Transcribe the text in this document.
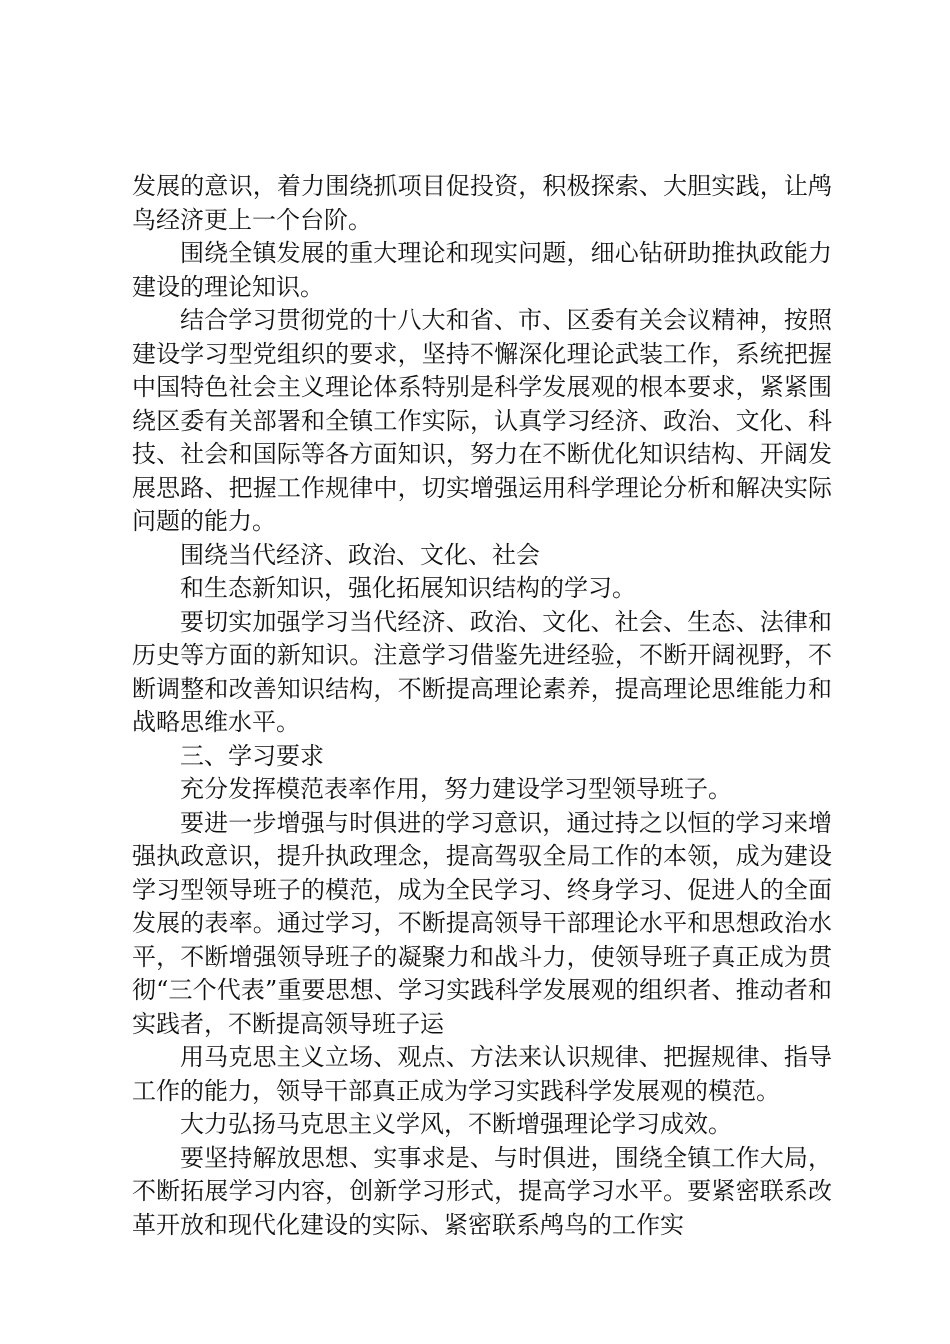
发展的意识，着力围绕抓项目促投资，积极探索、大胆实践，让鸬鸟经济更上一个台阶。

围绕全镇发展的重大理论和现实问题，细心钻研助推执政能力建设的理论知识。

结合学习贯彻党的十八大和省、市、区委有关会议精神，按照建设学习型党组织的要求，坚持不懈深化理论武装工作，系统把握中国特色社会主义理论体系特别是科学发展观的根本要求，紧紧围绕区委有关部署和全镇工作实际，认真学习经济、政治、文化、科技、社会和国际等各方面知识，努力在不断优化知识结构、开阔发展思路、把握工作规律中，切实增强运用科学理论分析和解决实际问题的能力。

围绕当代经济、政治、文化、社会

和生态新知识，强化拓展知识结构的学习。

要切实加强学习当代经济、政治、文化、社会、生态、法律和历史等方面的新知识。注意学习借鉴先进经验，不断开阔视野，不断调整和改善知识结构，不断提高理论素养，提高理论思维能力和战略思维水平。

三、学习要求

充分发挥模范表率作用，努力建设学习型领导班子。

要进一步增强与时俱进的学习意识，通过持之以恒的学习来增强执政意识，提升执政理念，提高驾驭全局工作的本领，成为建设学习型领导班子的模范，成为全民学习、终身学习、促进人的全面发展的表率。通过学习，不断提高领导干部理论水平和思想政治水平，不断增强领导班子的凝聚力和战斗力，使领导班子真正成为贯彻“三个代表”重要思想、学习实践科学发展观的组织者、推动者和实践者，不断提高领导班子运

用马克思主义立场、观点、方法来认识规律、把握规律、指导工作的能力，领导干部真正成为学习实践科学发展观的模范。

大力弘扬马克思主义学风，不断增强理论学习成效。

要坚持解放思想、实事求是、与时俱进，围绕全镇工作大局，不断拓展学习内容，创新学习形式，提高学习水平。要紧密联系改革开放和现代化建设的实际、紧密联系鸬鸟的工作实
